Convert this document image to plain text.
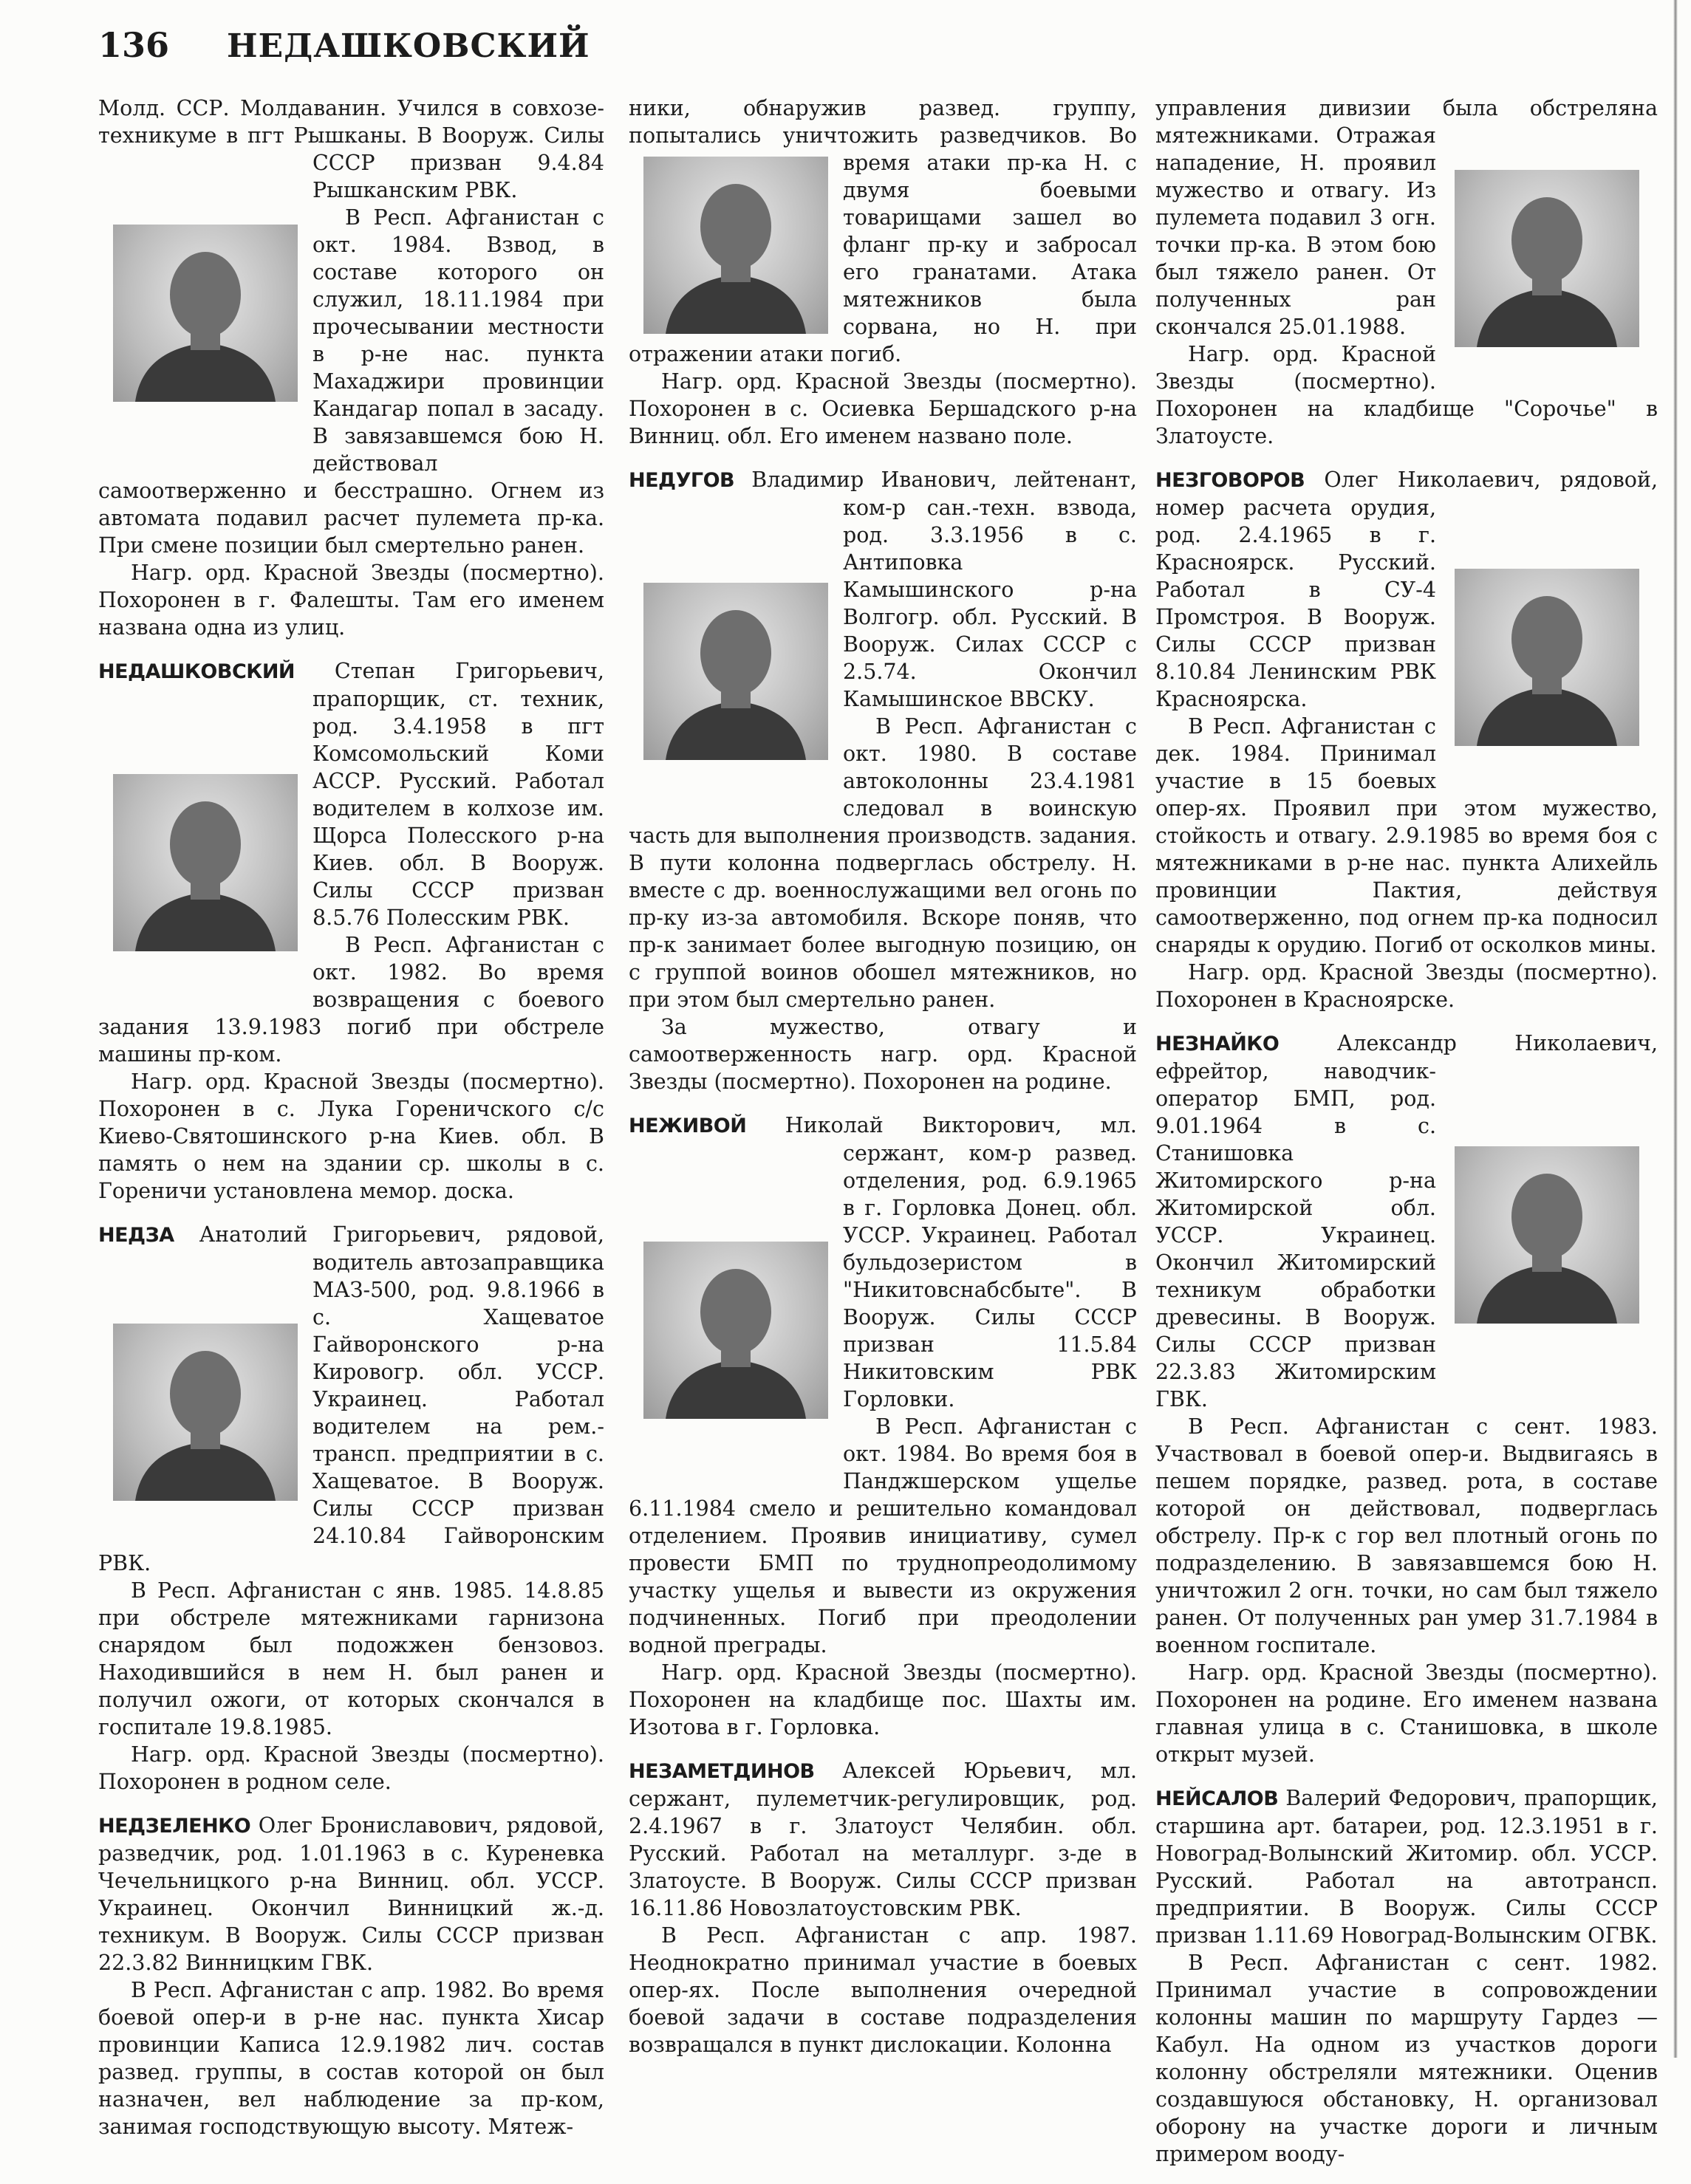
136 НЕДАШКОВСКИЙ

Молд. ССР. Молдаванин. Учился в совхозе-техникуме в пгт Рышканы. В Вооруж. Силы СССР призван 9.4.84 Рышканским РВК.

В Респ. Афганистан с окт. 1984. Взвод, в составе которого он служил, 18.11.1984 при прочесывании местности в р-не нас. пункта Махаджири провинции Кандагар попал в засаду. В завязавшемся бою Н. действовал самоотверженно и бесстрашно. Огнем из автомата подавил расчет пулемета пр-ка. При смене позиции был смертельно ранен.

Нагр. орд. Красной Звезды (посмертно). Похоронен в г. Фалешты. Там его именем названа одна из улиц.

НЕДАШКОВСКИЙ Степан Григорьевич, прапорщик, ст. техник, род. 3.4.1958 в пгт Комсомольский Коми АССР. Русский. Работал водителем в колхозе им. Щорса Полесского р-на Киев. обл. В Вооруж. Силы СССР призван 8.5.76 Полесским РВК.

В Респ. Афганистан с окт. 1982. Во время возвращения с боевого задания 13.9.1983 погиб при обстреле машины пр-ком.

Нагр. орд. Красной Звезды (посмертно). Похоронен в с. Лука Гореничского с/с Киево-Святошинского р-на Киев. обл. В память о нем на здании ср. школы в с. Гореничи установлена мемор. доска.

НЕДЗА Анатолий Григорьевич, рядовой, водитель автозаправщика МАЗ-500, род. 9.8.1966 в с. Хащеватое Гайворонского р-на Кировогр. обл. УССР. Украинец. Работал водителем на рем.-трансп. предприятии в с. Хащеватое. В Вооруж. Силы СССР призван 24.10.84 Гайворонским РВК.

В Респ. Афганистан с янв. 1985. 14.8.85 при обстреле мятежниками гарнизона снарядом был подожжен бензовоз. Находившийся в нем Н. был ранен и получил ожоги, от которых скончался в госпитале 19.8.1985.

Нагр. орд. Красной Звезды (посмертно). Похоронен в родном селе.

НЕДЗЕЛЕНКО Олег Брониславович, рядовой, разведчик, род. 1.01.1963 в с. Куреневка Чечельницкого р-на Винниц. обл. УССР. Украинец. Окончил Винницкий ж.-д. техникум. В Вооруж. Силы СССР призван 22.3.82 Винницким ГВК.

В Респ. Афганистан с апр. 1982. Во время боевой опер-и в р-не нас. пункта Хисар провинции Каписа 12.9.1982 лич. состав развед. группы, в состав которой он был назначен, вел наблюдение за пр-ком, занимая господствующую высоту. Мятеж-

ники, обнаружив развед. группу, попытались уничтожить разведчиков. Во время атаки пр-ка Н. с двумя боевыми товарищами зашел во фланг пр-ку и забросал его гранатами. Атака мятежников была сорвана, но Н. при отражении атаки погиб.

Нагр. орд. Красной Звезды (посмертно). Похоронен в с. Осиевка Бершадского р-на Винниц. обл. Его именем названо поле.

НЕДУГОВ Владимир Иванович, лейтенант, ком-р сан.-техн. взвода, род. 3.3.1956 в с. Антиповка Камышинского р-на Волгогр. обл. Русский. В Вооруж. Силах СССР с 2.5.74. Окончил Камышинское ВВСКУ.

В Респ. Афганистан с окт. 1980. В составе автоколонны 23.4.1981 следовал в воинскую часть для выполнения производств. задания. В пути колонна подверглась обстрелу. Н. вместе с др. военнослужащими вел огонь по пр-ку из-за автомобиля. Вскоре поняв, что пр-к занимает более выгодную позицию, он с группой воинов обошел мятежников, но при этом был смертельно ранен.

За мужество, отвагу и самоотверженность нагр. орд. Красной Звезды (посмертно). Похоронен на родине.

НЕЖИВОЙ Николай Викторович, мл. сержант, ком-р развед. отделения, род. 6.9.1965 в г. Горловка Донец. обл. УССР. Украинец. Работал бульдозеристом в "Никитовснабсбыте". В Вооруж. Силы СССР призван 11.5.84 Никитовским РВК Горловки.

В Респ. Афганистан с окт. 1984. Во время боя в Панджшерском ущелье 6.11.1984 смело и решительно командовал отделением. Проявив инициативу, сумел провести БМП по труднопреодолимому участку ущелья и вывести из окружения подчиненных. Погиб при преодолении водной преграды.

Нагр. орд. Красной Звезды (посмертно). Похоронен на кладбище пос. Шахты им. Изотова в г. Горловка.

НЕЗАМЕТДИНОВ Алексей Юрьевич, мл. сержант, пулеметчик-регулировщик, род. 2.4.1967 в г. Златоуст Челябин. обл. Русский. Работал на металлург. з-де в Златоусте. В Вооруж. Силы СССР призван 16.11.86 Новозлатоустовским РВК.

В Респ. Афганистан с апр. 1987. Неоднократно принимал участие в боевых опер-ях. После выполнения очередной боевой задачи в составе подразделения возвращался в пункт дислокации. Колонна

управления дивизии была обстреляна мятежниками. Отражая нападение, Н. проявил мужество и отвагу. Из пулемета подавил 3 огн. точки пр-ка. В этом бою был тяжело ранен. От полученных ран скончался 25.01.1988.

Нагр. орд. Красной Звезды (посмертно). Похоронен на кладбище "Сорочье" в Златоусте.

НЕЗГОВОРОВ Олег Николаевич, рядовой, номер расчета орудия, род. 2.4.1965 в г. Красноярск. Русский. Работал в СУ-4 Промстроя. В Вооруж. Силы СССР призван 8.10.84 Ленинским РВК Красноярска.

В Респ. Афганистан с дек. 1984. Принимал участие в 15 боевых опер-ях. Проявил при этом мужество, стойкость и отвагу. 2.9.1985 во время боя с мятежниками в р-не нас. пункта Алихейль провинции Пактия, действуя самоотверженно, под огнем пр-ка подносил снаряды к орудию. Погиб от осколков мины.

Нагр. орд. Красной Звезды (посмертно). Похоронен в Красноярске.

НЕЗНАЙКО Александр Николаевич, ефрейтор, наводчик-оператор БМП, род. 9.01.1964 в с. Станишовка Житомирского р-на Житомирской обл. УССР. Украинец. Окончил Житомирский техникум обработки древесины. В Вооруж. Силы СССР призван 22.3.83 Житомирским ГВК.

В Респ. Афганистан с сент. 1983. Участвовал в боевой опер-и. Выдвигаясь в пешем порядке, развед. рота, в составе которой он действовал, подверглась обстрелу. Пр-к с гор вел плотный огонь по подразделению. В завязавшемся бою Н. уничтожил 2 огн. точки, но сам был тяжело ранен. От полученных ран умер 31.7.1984 в военном госпитале.

Нагр. орд. Красной Звезды (посмертно). Похоронен на родине. Его именем названа главная улица в с. Станишовка, в школе открыт музей.

НЕЙСАЛОВ Валерий Федорович, прапорщик, старшина арт. батареи, род. 12.3.1951 в г. Новоград-Волынский Житомир. обл. УССР. Русский. Работал на автотрансп. предприятии. В Вооруж. Силы СССР призван 1.11.69 Новоград-Волынским ОГВК.

В Респ. Афганистан с сент. 1982. Принимал участие в сопровождении колонны машин по маршруту Гардез — Кабул. На одном из участков дороги колонну обстреляли мятежники. Оценив создавшуюся обстановку, Н. организовал оборону на участке дороги и личным примером вооду-
